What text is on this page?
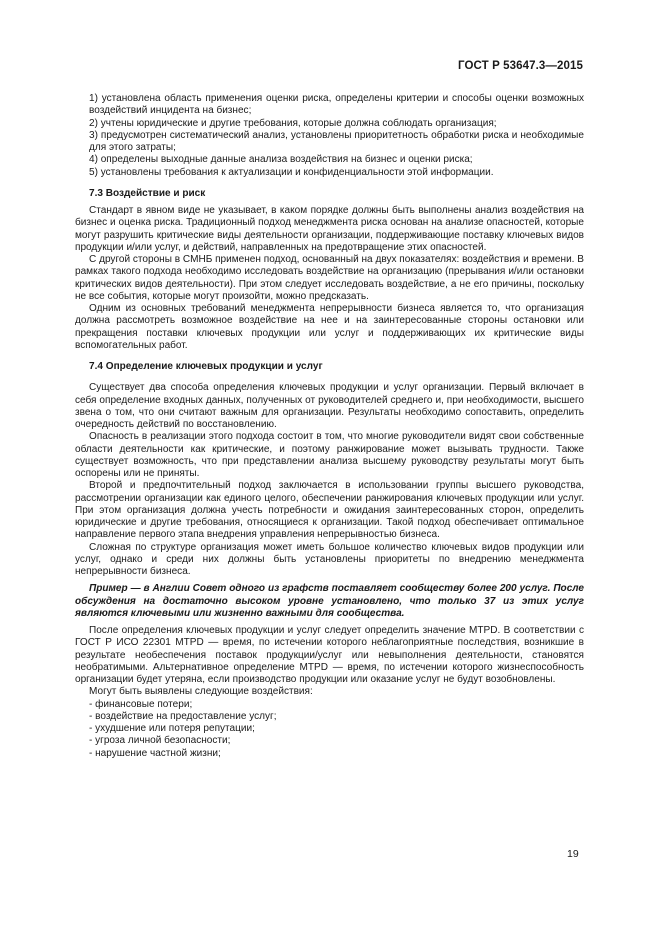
ГОСТ Р 53647.3—2015

1) установлена область применения оценки риска, определены критерии и способы оценки возможных воздействий инцидента на бизнес;

2) учтены юридические и другие требования, которые должна соблюдать организация;

3) предусмотрен систематический анализ, установлены приоритетность обработки риска и необходимые для этого затраты;

4) определены выходные данные анализа воздействия на бизнес и оценки риска;

5) установлены требования к актуализации и конфиденциальности этой информации.

7.3 Воздействие и риск

Стандарт в явном виде не указывает, в каком порядке должны быть выполнены анализ воздействия на бизнес и оценка риска. Традиционный подход менеджмента риска основан на анализе опасностей, которые могут разрушить критические виды деятельности организации, поддерживающие поставку ключевых видов продукции и/или услуг, и действий, направленных на предотвращение этих опасностей.

С другой стороны в СМНБ применен подход, основанный на двух показателях: воздействия и времени. В рамках такого подхода необходимо исследовать воздействие на организацию (прерывания и/или остановки критических видов деятельности). При этом следует исследовать воздействие, а не его причины, поскольку не все события, которые могут произойти, можно предсказать.

Одним из основных требований менеджмента непрерывности бизнеса является то, что организация должна рассмотреть возможное воздействие на нее и на заинтересованные стороны остановки или прекращения поставки ключевых продукции или услуг и поддерживающих их критические виды вспомогательных работ.

7.4 Определение ключевых продукции и услуг

Существует два способа определения ключевых продукции и услуг организации. Первый включает в себя определение входных данных, полученных от руководителей среднего и, при необходимости, высшего звена о том, что они считают важным для организации. Результаты необходимо сопоставить, определить очередность действий по восстановлению.

Опасность в реализации этого подхода состоит в том, что многие руководители видят свои собственные области деятельности как критические, и поэтому ранжирование может вызывать трудности. Также существует возможность, что при представлении анализа высшему руководству результаты могут быть оспорены или не приняты.

Второй и предпочтительный подход заключается в использовании группы высшего руководства, рассмотрении организации как единого целого, обеспечении ранжирования ключевых продукции или услуг. При этом организация должна учесть потребности и ожидания заинтересованных сторон, определить юридические и другие требования, относящиеся к организации. Такой подход обеспечивает оптимальное направление первого этапа внедрения управления непрерывностью бизнеса.

Сложная по структуре организация может иметь большое количество ключевых видов продукции или услуг, однако и среди них должны быть установлены приоритеты по внедрению менеджмента непрерывности бизнеса.

Пример — в Англии Совет одного из графств поставляет сообществу более 200 услуг. После обсуждения на достаточно высоком уровне установлено, что только 37 из этих услуг являются ключевыми или жизненно важными для сообщества.

После определения ключевых продукции и услуг следует определить значение MTPD. В соответствии с ГОСТ Р ИСО 22301 MTPD — время, по истечении которого неблагоприятные последствия, возникшие в результате необеспечения поставок продукции/услуг или невыполнения деятельности, становятся необратимыми. Альтернативное определение MTPD — время, по истечении которого жизнеспособность организации будет утеряна, если производство продукции или оказание услуг не будут возобновлены.

Могут быть выявлены следующие воздействия:

- финансовые потери;

- воздействие на предоставление услуг;

- ухудшение или потеря репутации;

- угроза личной безопасности;

- нарушение частной жизни;

19
